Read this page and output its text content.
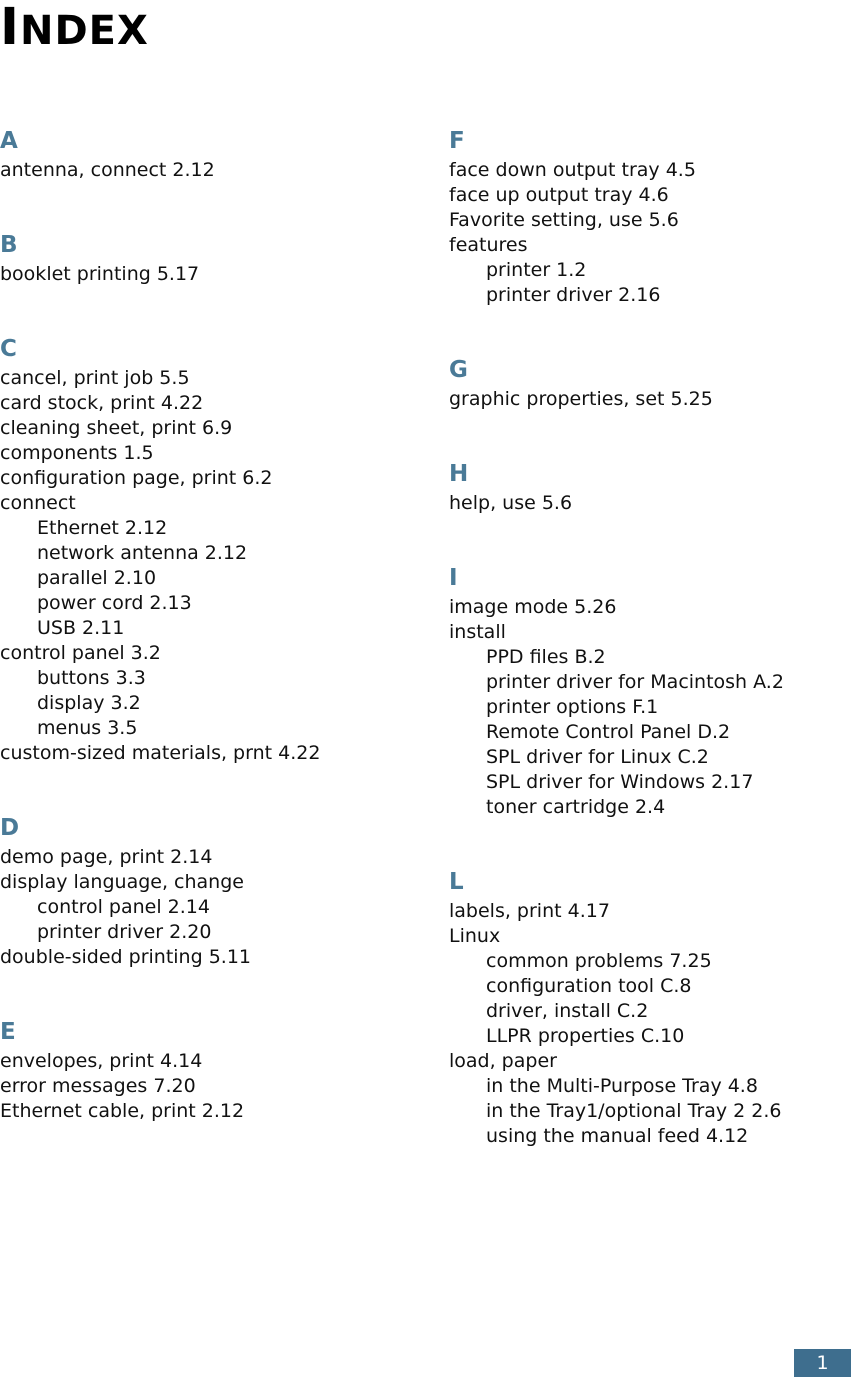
INDEX
A
antenna, connect 2.12
B
booklet printing 5.17
C
cancel, print job 5.5
card stock, print 4.22
cleaning sheet, print 6.9
components 1.5
configuration page, print 6.2
connect
Ethernet 2.12
network antenna 2.12
parallel 2.10
power cord 2.13
USB 2.11
control panel 3.2
buttons 3.3
display 3.2
menus 3.5
custom-sized materials, prnt 4.22
D
demo page, print 2.14
display language, change
control panel 2.14
printer driver 2.20
double-sided printing 5.11
E
envelopes, print 4.14
error messages 7.20
Ethernet cable, print 2.12
F
face down output tray 4.5
face up output tray 4.6
Favorite setting, use 5.6
features
printer 1.2
printer driver 2.16
G
graphic properties, set 5.25
H
help, use 5.6
I
image mode 5.26
install
PPD files B.2
printer driver for Macintosh A.2
printer options F.1
Remote Control Panel D.2
SPL driver for Linux C.2
SPL driver for Windows 2.17
toner cartridge 2.4
L
labels, print 4.17
Linux
common problems 7.25
configuration tool C.8
driver, install C.2
LLPR properties C.10
load, paper
in the Multi-Purpose Tray 4.8
in the Tray1/optional Tray 2 2.6
using the manual feed 4.12
1
